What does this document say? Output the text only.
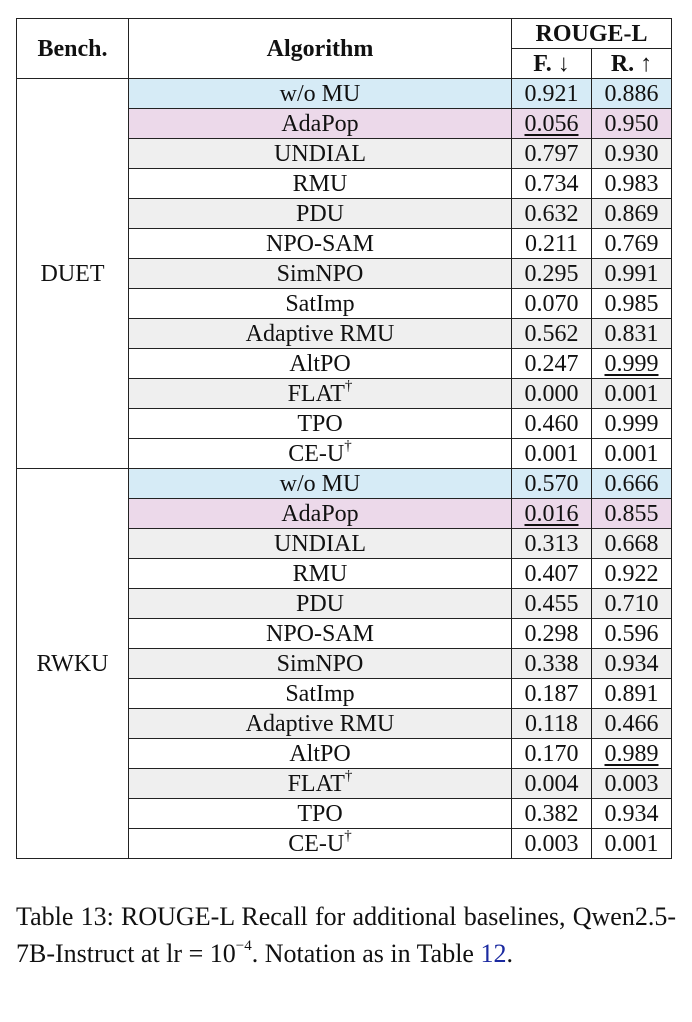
Bench.	Algorithm	ROUGE-L	
		F. ↓	R. ↑
DUET	w/o MU	0.921	0.886
	AdaPop	0.056	0.950
	UNDIAL	0.797	0.930
	RMU	0.734	0.983
	PDU	0.632	0.869
	NPO-SAM	0.211	0.769
	SimNPO	0.295	0.991
	SatImp	0.070	0.985
	Adaptive RMU	0.562	0.831
	AltPO	0.247	0.999
	FLAT†	0.000	0.001
	TPO	0.460	0.999
	CE-U†	0.001	0.001
RWKU	w/o MU	0.570	0.666
	AdaPop	0.016	0.855
	UNDIAL	0.313	0.668
	RMU	0.407	0.922
	PDU	0.455	0.710
	NPO-SAM	0.298	0.596
	SimNPO	0.338	0.934
	SatImp	0.187	0.891
	Adaptive RMU	0.118	0.466
	AltPO	0.170	0.989
	FLAT†	0.004	0.003
	TPO	0.382	0.934
	CE-U†	0.003	0.001
Table 13: ROUGE-L Recall for additional baselines, Qwen2.5-7B-Instruct at lr = $10^{-4}$. Notation as in Table 12.
